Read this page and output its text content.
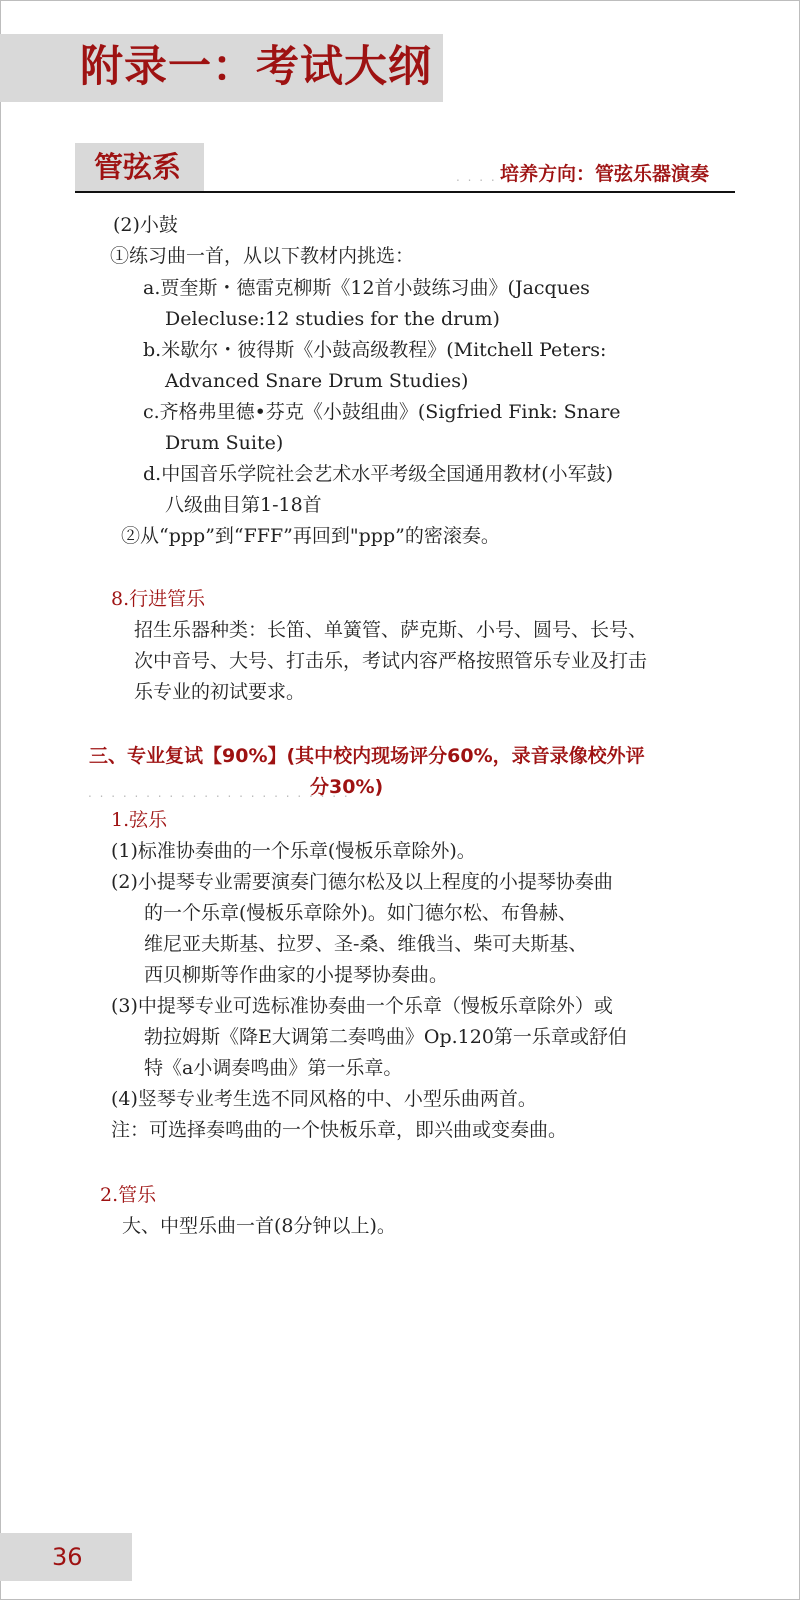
附录一：考试大纲
管弦系	. . . . 培养方向：管弦乐器演奏
(2)小鼓
①练习曲一首，从以下教材内挑选：
a.贾奎斯・德雷克柳斯《12首小鼓练习曲》(Jacques
Delecluse:12 studies for the drum)
b.米歇尔・彼得斯《小鼓高级教程》(Mitchell Peters:
Advanced Snare Drum Studies)
c.齐格弗里德•芬克《小鼓组曲》(Sigfried Fink: Snare
Drum Suite)
d.中国音乐学院社会艺术水平考级全国通用教材(小军鼓)
八级曲目第1-18首
②从“ppp”到“FFF”再回到"ppp”的密滚奏。
8.行进管乐
招生乐器种类：长笛、单簧管、萨克斯、小号、圆号、长号、
次中音号、大号、打击乐，考试内容严格按照管乐专业及打击
乐专业的初试要求。
三、专业复试【90%】(其中校内现场评分60%，录音录像校外评
. . . . . . . . . . . . . . . . . . . . . . .
分30%)
1.弦乐
(1)标准协奏曲的一个乐章(慢板乐章除外)。
(2)小提琴专业需要演奏门德尔松及以上程度的小提琴协奏曲
的一个乐章(慢板乐章除外)。如门德尔松、布鲁赫、
维尼亚夫斯基、拉罗、圣-桑、维俄当、柴可夫斯基、
西贝柳斯等作曲家的小提琴协奏曲。
(3)中提琴专业可选标准协奏曲一个乐章（慢板乐章除外）或
勃拉姆斯《降E大调第二奏鸣曲》Op.120第一乐章或舒伯
特《a小调奏鸣曲》第一乐章。
(4)竖琴专业考生选不同风格的中、小型乐曲两首。
注：可选择奏鸣曲的一个快板乐章，即兴曲或变奏曲。
2.管乐
大、中型乐曲一首(8分钟以上)。
36
